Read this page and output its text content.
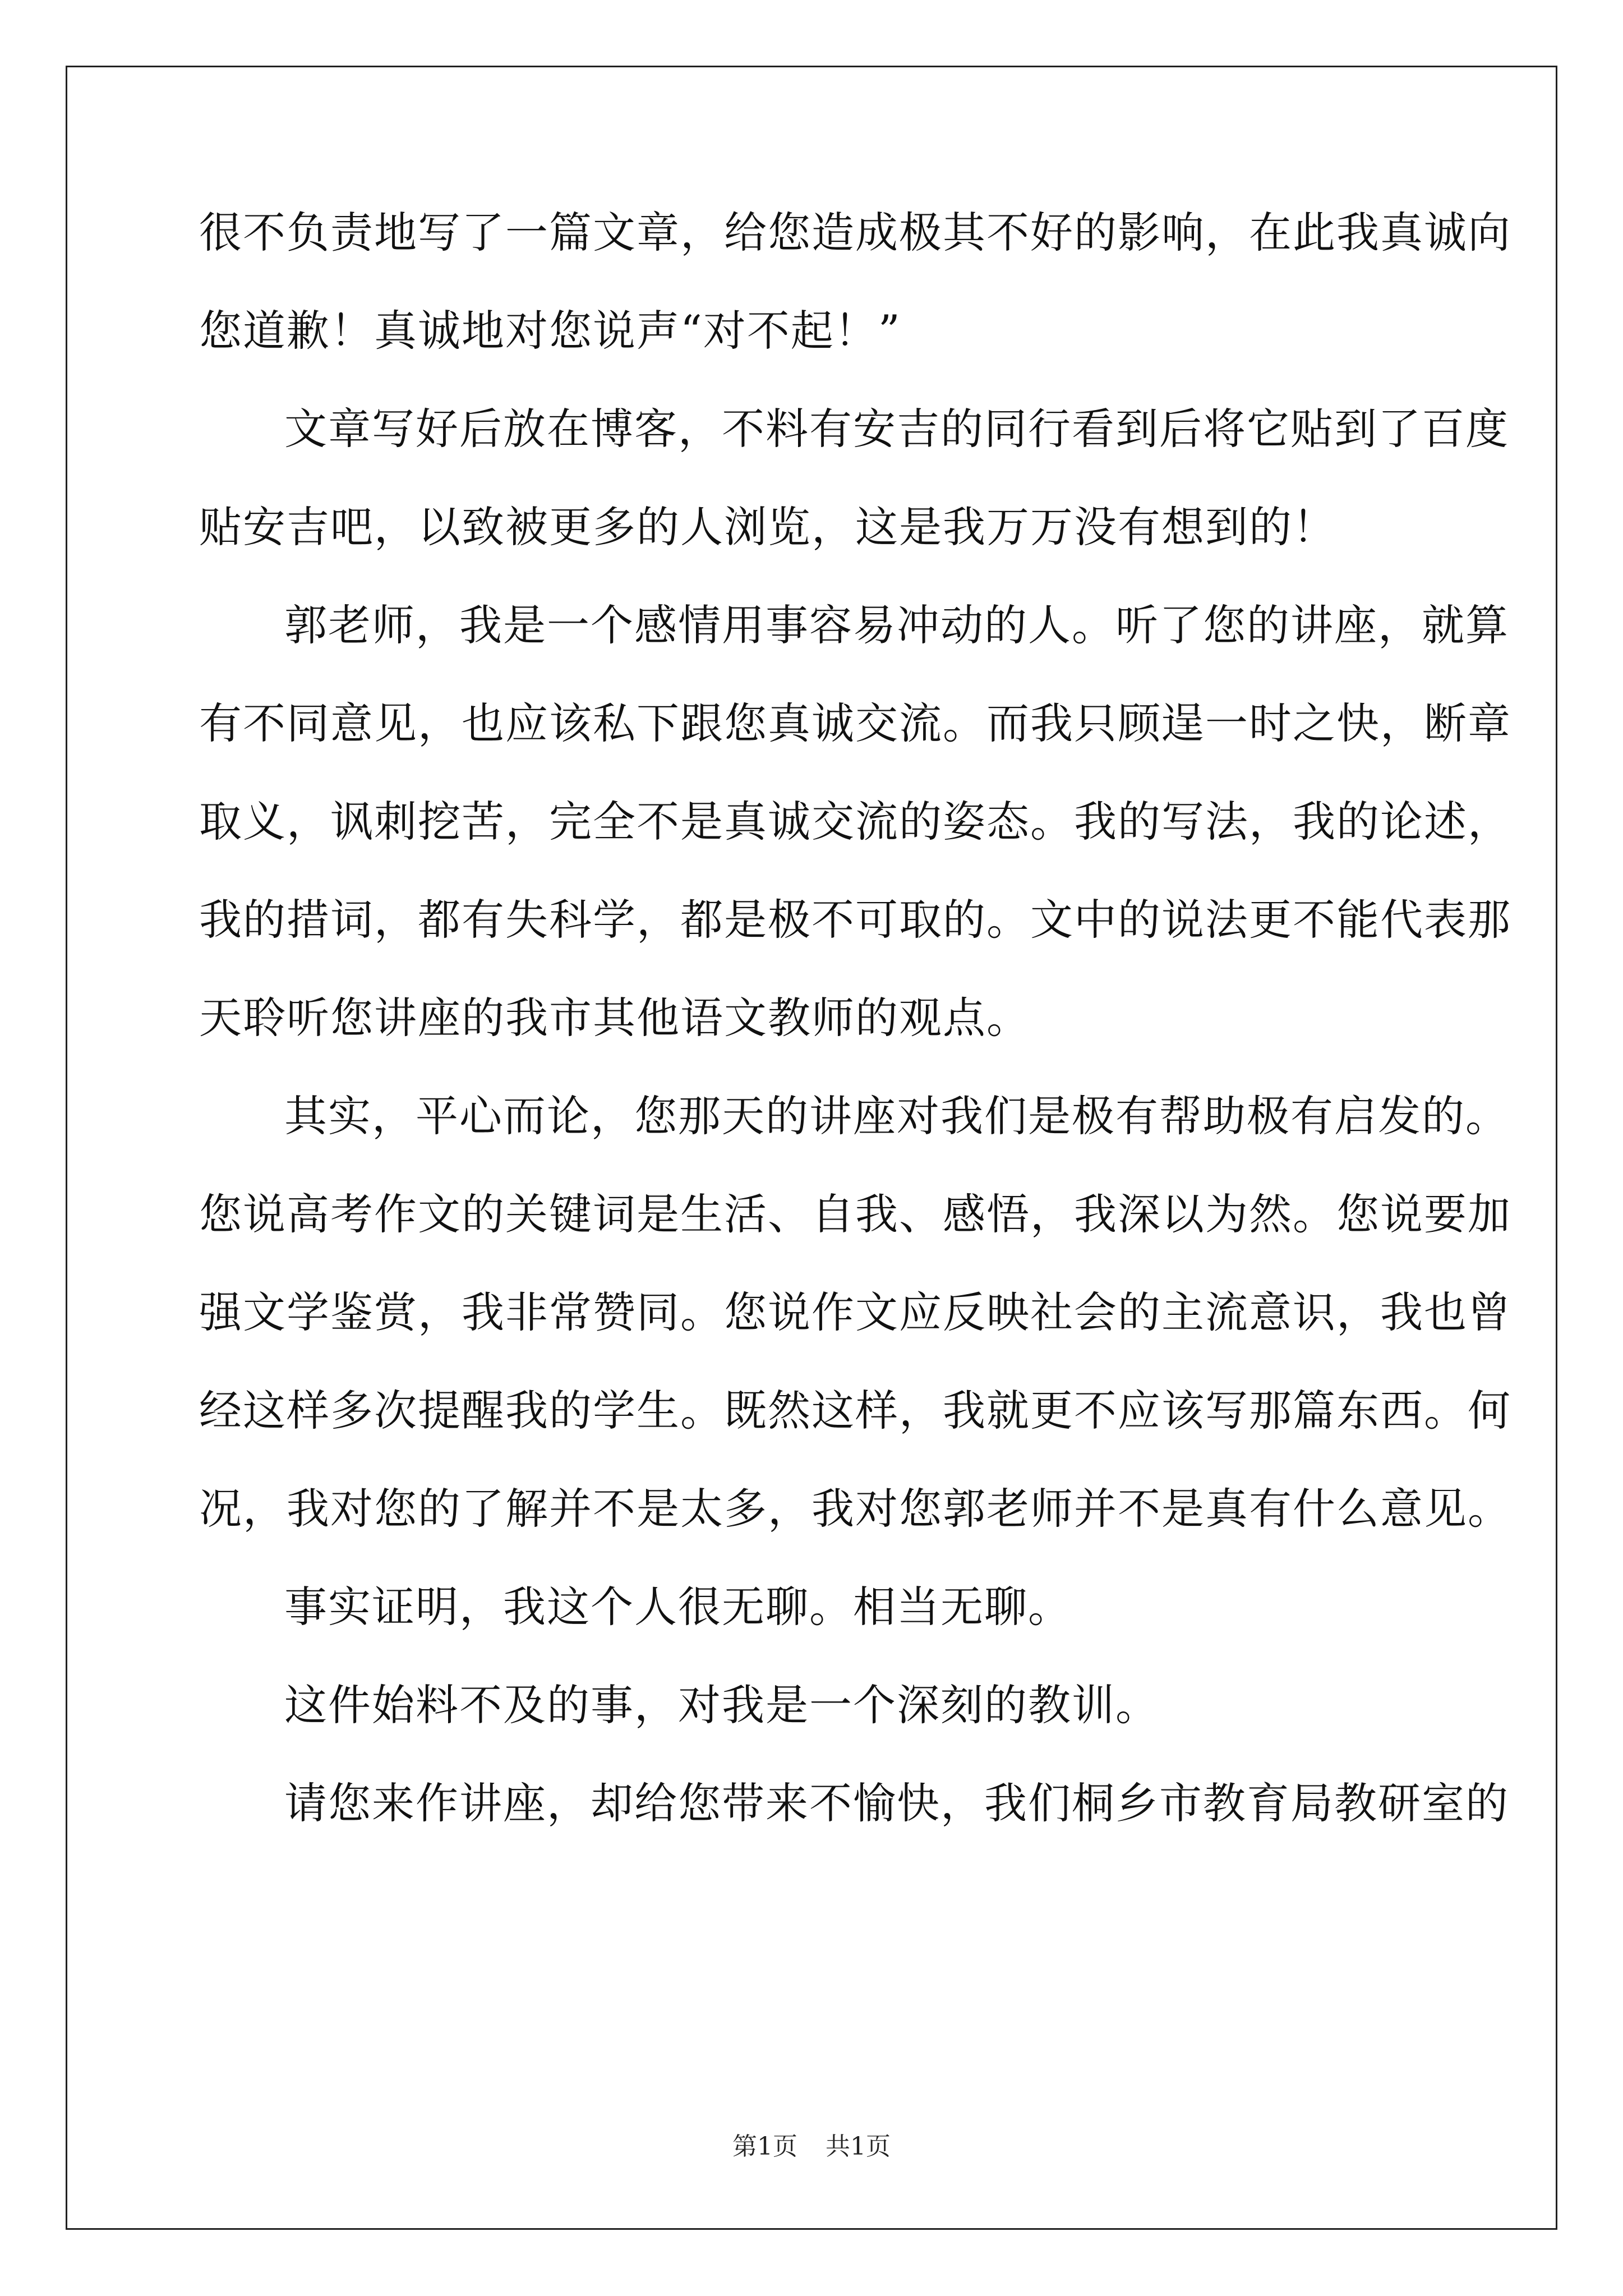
很不负责地写了一篇文章，给您造成极其不好的影响，在此我真诚向
您道歉！真诚地对您说声“对不起！”
文章写好后放在博客，不料有安吉的同行看到后将它贴到了百度
贴安吉吧，以致被更多的人浏览，这是我万万没有想到的！
郭老师，我是一个感情用事容易冲动的人。听了您的讲座，就算
有不同意见，也应该私下跟您真诚交流。而我只顾逞一时之快，断章
取义，讽刺挖苦，完全不是真诚交流的姿态。我的写法，我的论述，
我的措词，都有失科学，都是极不可取的。文中的说法更不能代表那
天聆听您讲座的我市其他语文教师的观点。
其实，平心而论，您那天的讲座对我们是极有帮助极有启发的。
您说高考作文的关键词是生活、自我、感悟，我深以为然。您说要加
强文学鉴赏，我非常赞同。您说作文应反映社会的主流意识，我也曾
经这样多次提醒我的学生。既然这样，我就更不应该写那篇东西。何
况，我对您的了解并不是太多，我对您郭老师并不是真有什么意见。
事实证明，我这个人很无聊。相当无聊。
这件始料不及的事，对我是一个深刻的教训。
请您来作讲座，却给您带来不愉快，我们桐乡市教育局教研室的
第1页 共1页
